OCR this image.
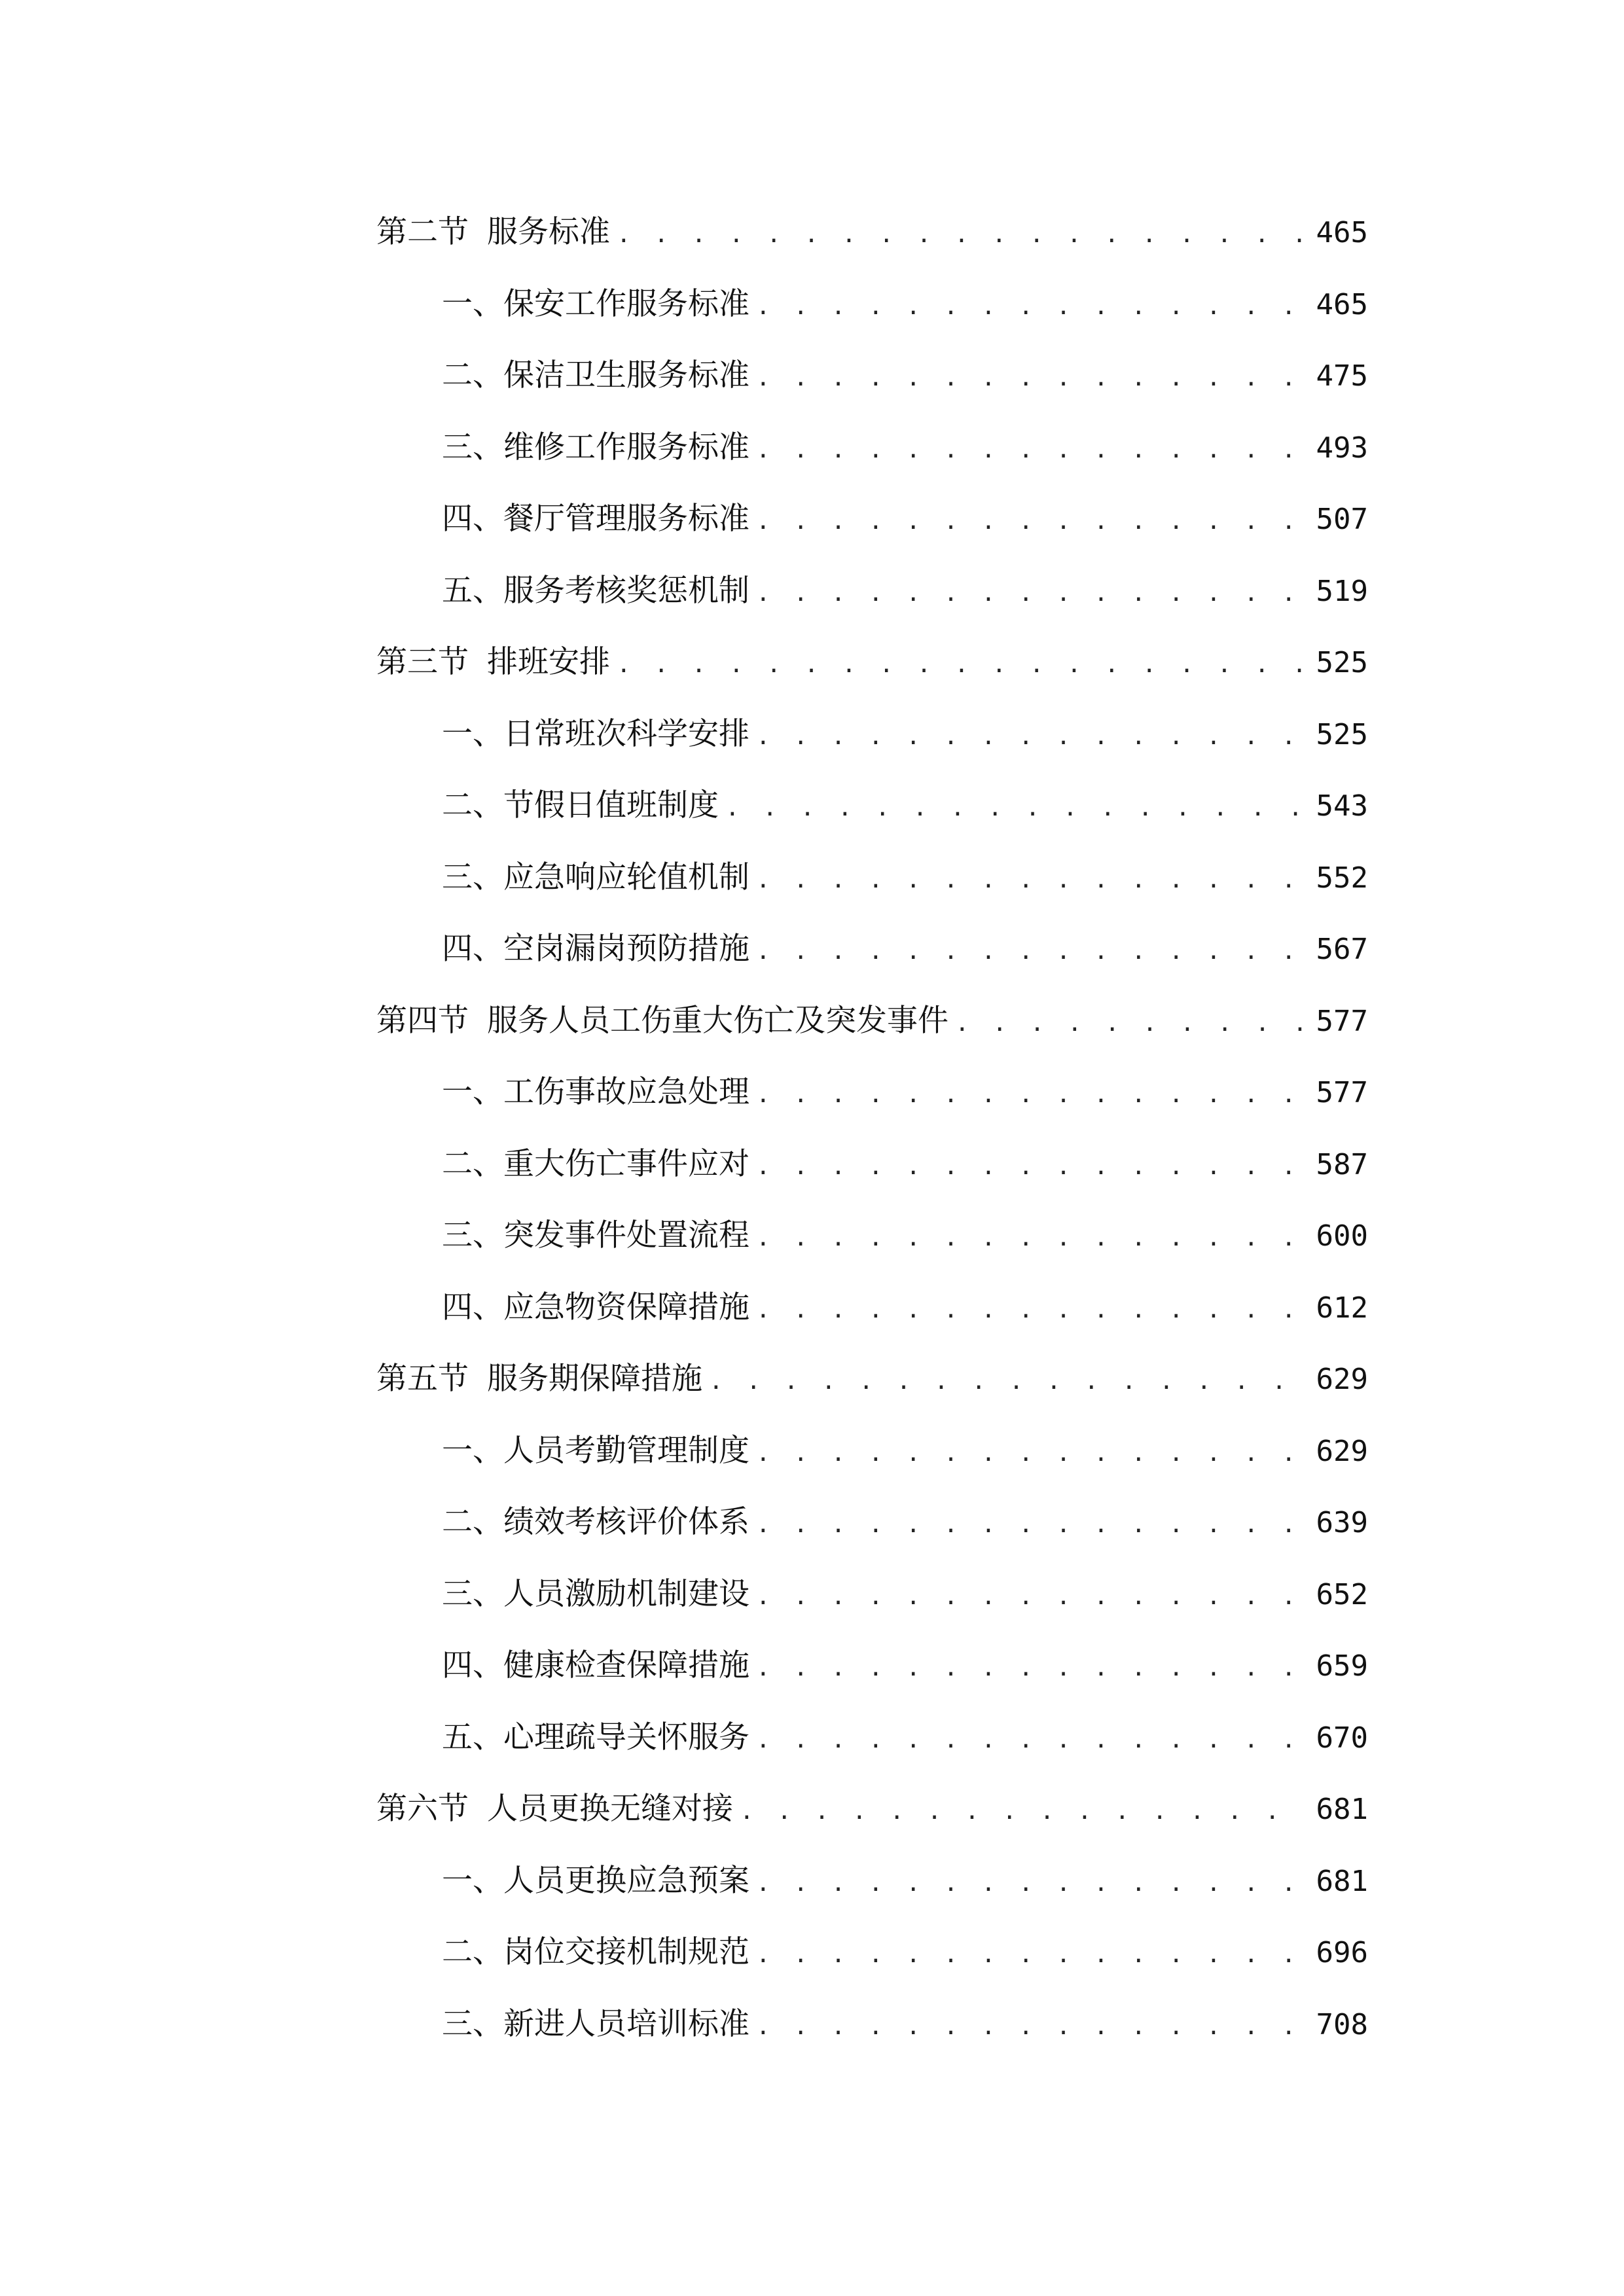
第二节 服务标准 . . .	465
一、 保安工作服务标准 . . .	465
二、 保洁卫生服务标准 . . .	475
三、 维修工作服务标准 . . .	493
四、 餐厅管理服务标准 . . .	507
五、 服务考核奖惩机制 . . .	519
第三节 排班安排 . . .	525
一、 日常班次科学安排 . . .	525
二、 节假日值班制度 . . .	543
三、 应急响应轮值机制 . . .	552
四、 空岗漏岗预防措施 . . .	567
第四节 服务人员工伤重大伤亡及突发事件 . . .	577
一、 工伤事故应急处理 . . .	577
二、 重大伤亡事件应对 . . .	587
三、 突发事件处置流程 . . .	600
四、 应急物资保障措施 . . .	612
第五节 服务期保障措施 . . .	629
一、 人员考勤管理制度 . . .	629
二、 绩效考核评价体系 . . .	639
三、 人员激励机制建设 . . .	652
四、 健康检查保障措施 . . .	659
五、 心理疏导关怀服务 . . .	670
第六节 人员更换无缝对接 . . .	681
一、 人员更换应急预案 . . .	681
二、 岗位交接机制规范 . . .	696
三、 新进人员培训标准 . . .	708
